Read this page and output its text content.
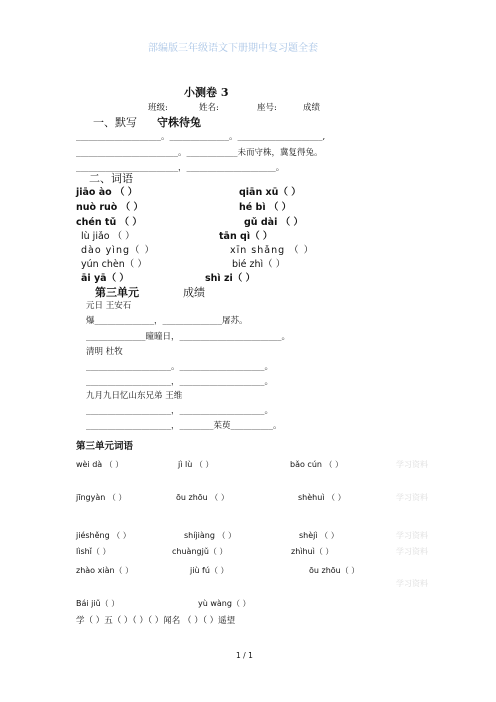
部编版三年级语文下册期中复习题全套
小测卷 3
班级:	姓名:	座号:	成绩
一、默写 守株待兔
____________________。______________。____________________,
________________________。____________未而守株，冀复得兔。
________________________，_____________________。
二、词语
jiāo ào （ ）	qiān xū（ ）
nuò ruò （ ）	hé bì （ ）
chén tǔ （ ）	gǔ dài （ ）
lù jiǎo （ ）	tān qì（ ）
dào yìng（ ）	xīn shǎng （ ）
yún chèn（ ）	bié zhì（ ）
āi yā（ ）	shì zi（ ）
第三单元	成绩
元日 王安石
爆______________，______________屠苏。
______________曈曈日，________________________。
清明 杜牧
____________________。____________________。
____________________，____________________。
九月九日忆山东兄弟 王维
____________________，____________________。
____________________，________茱萸__________。
第三单元词语
wèi dà （ ）	jì lù （ ）	bǎo cún （ ）	学习资料
jīngyàn （ ）	ōu zhōu （ ）	shèhuì （ ）	学习资料
jiéshěng （ ）	shíjiàng （ ）	shèjì （ ）	学习资料
lìshǐ（ ）	chuàngjǔ（ ）	zhìhuì（ ）	学习资料
zhào xiàn（ ）	jiù fú（ ）	ōu zhōu（ ）
学习资料
Bái jiǔ（ ）	yù wàng（ ）
学（ ）五（ ）（ ）（ ）闻名 （ ）（ ）遥望
1 / 1
